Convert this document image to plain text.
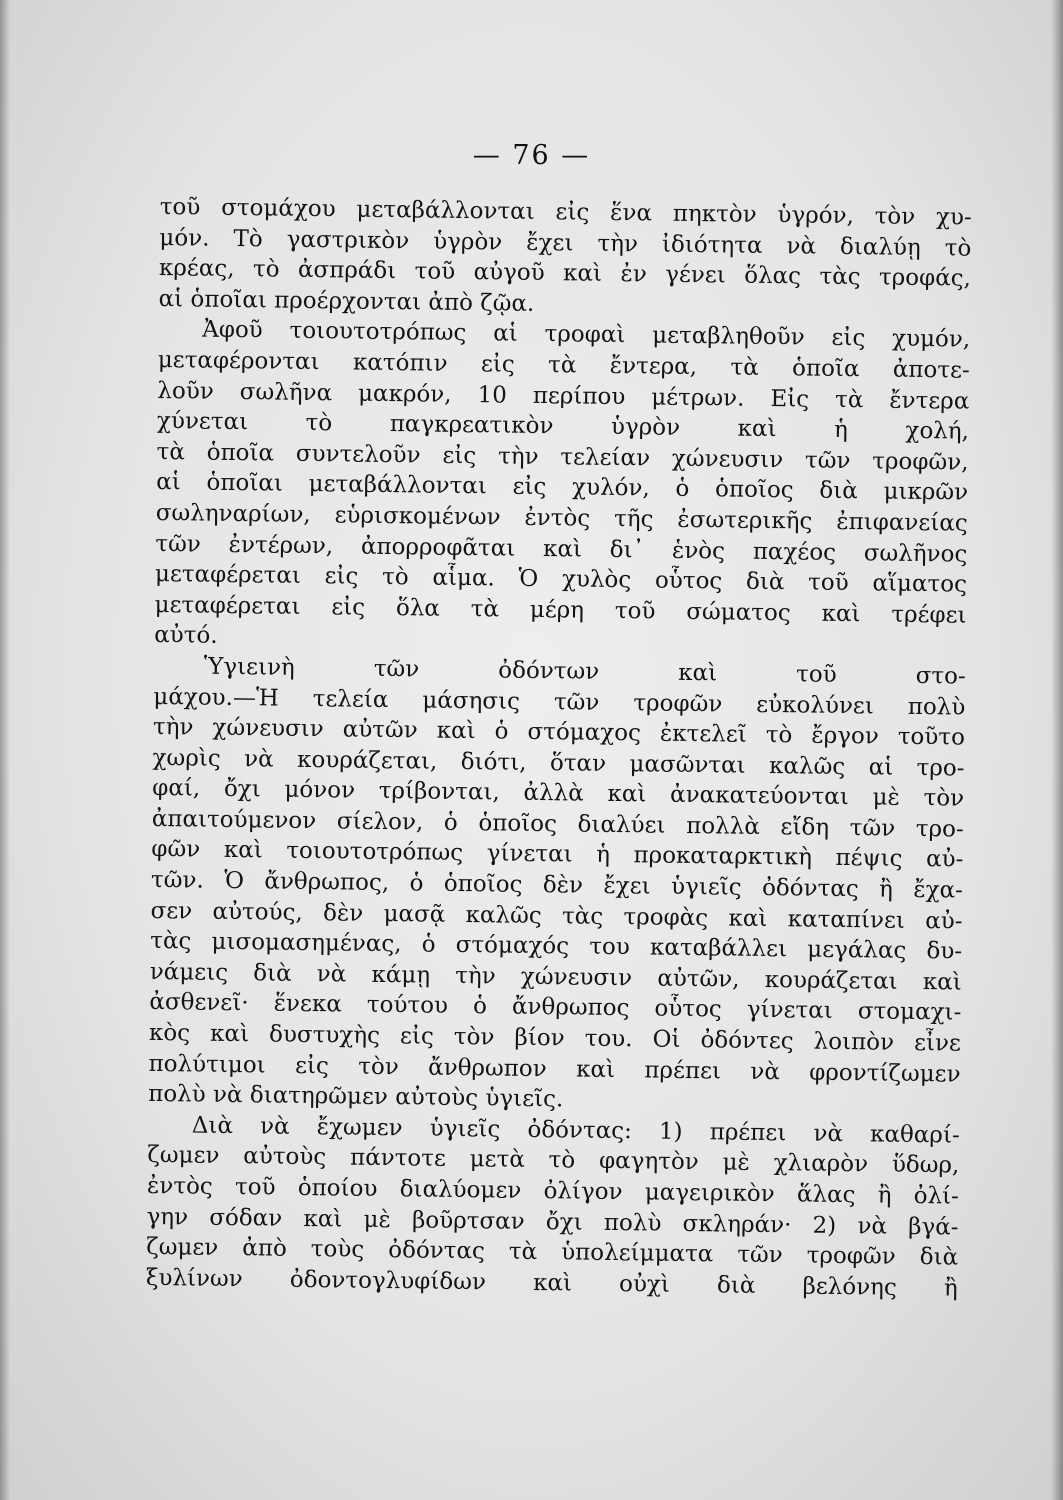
— 76 —
τοῦ στομάχου μεταβάλλονται εἰς ἕνα πηκτὸν ὑγρόν, τὸν χυ-
μόν. Τὸ γαστρικὸν ὑγρὸν ἔχει τὴν ἰδιότητα νὰ διαλύῃ τὸ
κρέας, τὸ ἀσπράδι τοῦ αὐγοῦ καὶ ἐν γένει ὅλας τὰς τροφάς,
αἱ ὁποῖαι προέρχονται ἀπὸ ζῷα.
Ἀφοῦ τοιουτοτρόπως αἱ τροφαὶ μεταβληθοῦν εἰς χυμόν,
μεταφέρονται κατόπιν εἰς τὰ ἔντερα, τὰ ὁποῖα ἀποτε-
λοῦν σωλῆνα μακρόν, 10 περίπου μέτρων. Εἰς τὰ ἔντερα
χύνεται τὸ παγκρεατικὸν ὑγρὸν καὶ ἡ χολή,
τὰ ὁποῖα συντελοῦν εἰς τὴν τελείαν χώνευσιν τῶν τροφῶν,
αἱ ὁποῖαι μεταβάλλονται εἰς χυλόν, ὁ ὁποῖος διὰ μικρῶν
σωληναρίων, εὑρισκομένων ἐντὸς τῆς ἐσωτερικῆς ἐπιφανείας
τῶν ἐντέρων, ἀπορροφᾶται καὶ δι᾿ ἑνὸς παχέος σωλῆνος
μεταφέρεται εἰς τὸ αἷμα. Ὁ χυλὸς οὗτος διὰ τοῦ αἵματος
μεταφέρεται εἰς ὅλα τὰ μέρη τοῦ σώματος καὶ τρέφει
αὐτό.
Ὑγιεινὴ τῶν ὀδόντων καὶ τοῦ στο-
μάχου.—Ἡ τελεία μάσησις τῶν τροφῶν εὐκολύνει πολὺ
τὴν χώνευσιν αὐτῶν καὶ ὁ στόμαχος ἐκτελεῖ τὸ ἔργον τοῦτο
χωρὶς νὰ κουράζεται, διότι, ὅταν μασῶνται καλῶς αἱ τρο-
φαί, ὄχι μόνον τρίβονται, ἀλλὰ καὶ ἀνακατεύονται μὲ τὸν
ἀπαιτούμενον σίελον, ὁ ὁποῖος διαλύει πολλὰ εἴδη τῶν τρο-
φῶν καὶ τοιουτοτρόπως γίνεται ἡ προκαταρκτικὴ πέψις αὐ-
τῶν. Ὁ ἄνθρωπος, ὁ ὁποῖος δὲν ἔχει ὑγιεῖς ὀδόντας ἢ ἔχα-
σεν αὐτούς, δὲν μασᾷ καλῶς τὰς τροφὰς καὶ καταπίνει αὐ-
τὰς μισομασημένας, ὁ στόμαχός του καταβάλλει μεγάλας δυ-
νάμεις διὰ νὰ κάμῃ τὴν χώνευσιν αὐτῶν, κουράζεται καὶ
ἀσθενεῖ· ἕνεκα τούτου ὁ ἄνθρωπος οὗτος γίνεται στομαχι-
κὸς καὶ δυστυχὴς εἰς τὸν βίον του. Οἱ ὀδόντες λοιπὸν εἶνε
πολύτιμοι εἰς τὸν ἄνθρωπον καὶ πρέπει νὰ φροντίζωμεν
πολὺ νὰ διατηρῶμεν αὐτοὺς ὑγιεῖς.
Διὰ νὰ ἔχωμεν ὑγιεῖς ὀδόντας: 1) πρέπει νὰ καθαρί-
ζωμεν αὐτοὺς πάντοτε μετὰ τὸ φαγητὸν μὲ χλιαρὸν ὕδωρ,
ἐντὸς τοῦ ὁποίου διαλύομεν ὀλίγον μαγειρικὸν ἅλας ἢ ὀλί-
γην σόδαν καὶ μὲ βοῦρτσαν ὄχι πολὺ σκληράν· 2) νὰ βγά-
ζωμεν ἀπὸ τοὺς ὀδόντας τὰ ὑπολείμματα τῶν τροφῶν διὰ
ξυλίνων ὀδοντογλυφίδων καὶ οὐχὶ διὰ βελόνης ἢ
